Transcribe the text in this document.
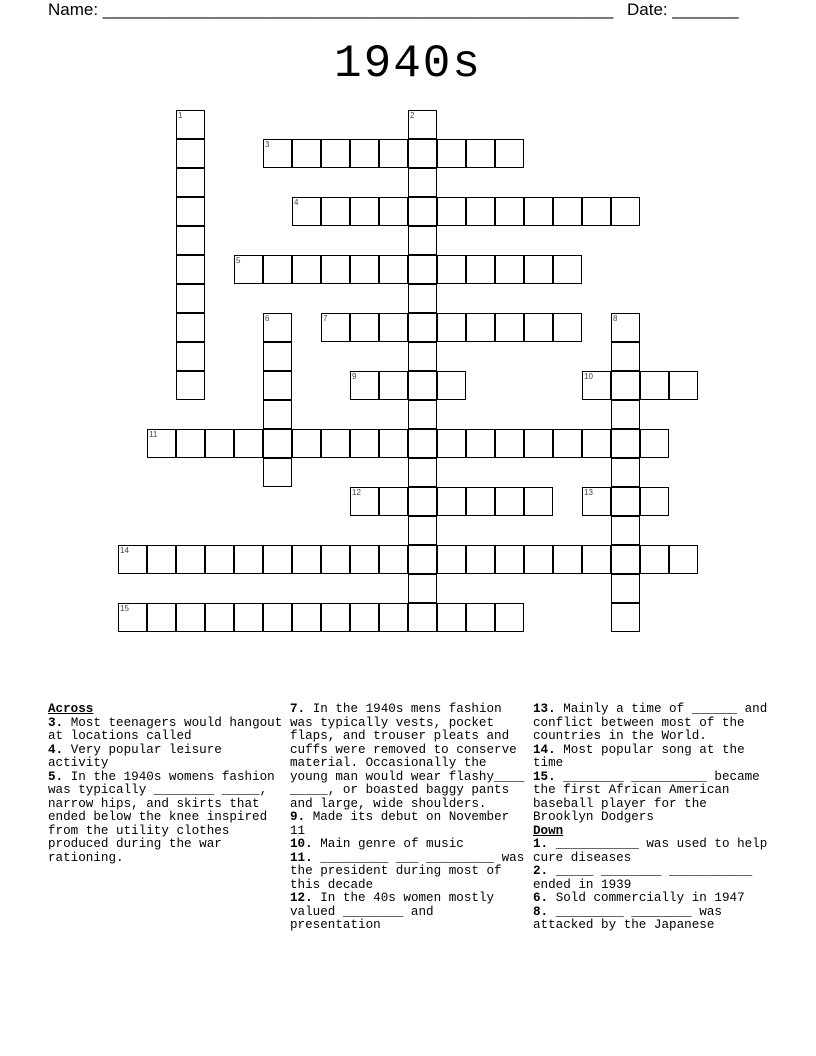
Name: ______________________________________________________ Date: _______
1940s
3
4
5
7
9	10
11
12	13
14
15
1	2
6	8

Across

3. Most teenagers would hangout at locations called

4. Very popular leisure activity

5. In the 1940s womens fashion was typically ________ _____, narrow hips, and skirts that ended below the knee inspired from the utility clothes produced during the war rationing.

7. In the 1940s mens fashion was typically vests, pocket flaps, and trouser pleats and cuffs were removed to conserve material. Occasionally the young man would wear flashy____ _____, or boasted baggy pants and large, wide shoulders.

9. Made its debut on November 11

10. Main genre of music

11. _________ ___ _________ was the president during most of this decade

12. In the 40s women mostly valued ________ and presentation

13. Mainly a time of ______ and conflict between most of the countries in the World.

14. Most popular song at the time

15. ________ __________ became the first African American baseball player for the Brooklyn Dodgers

Down

1. ___________ was used to help cure diseases

2. _____ ________ ___________ ended in 1939

6. Sold commercially in 1947

8. _________ ________ was attacked by the Japanese
